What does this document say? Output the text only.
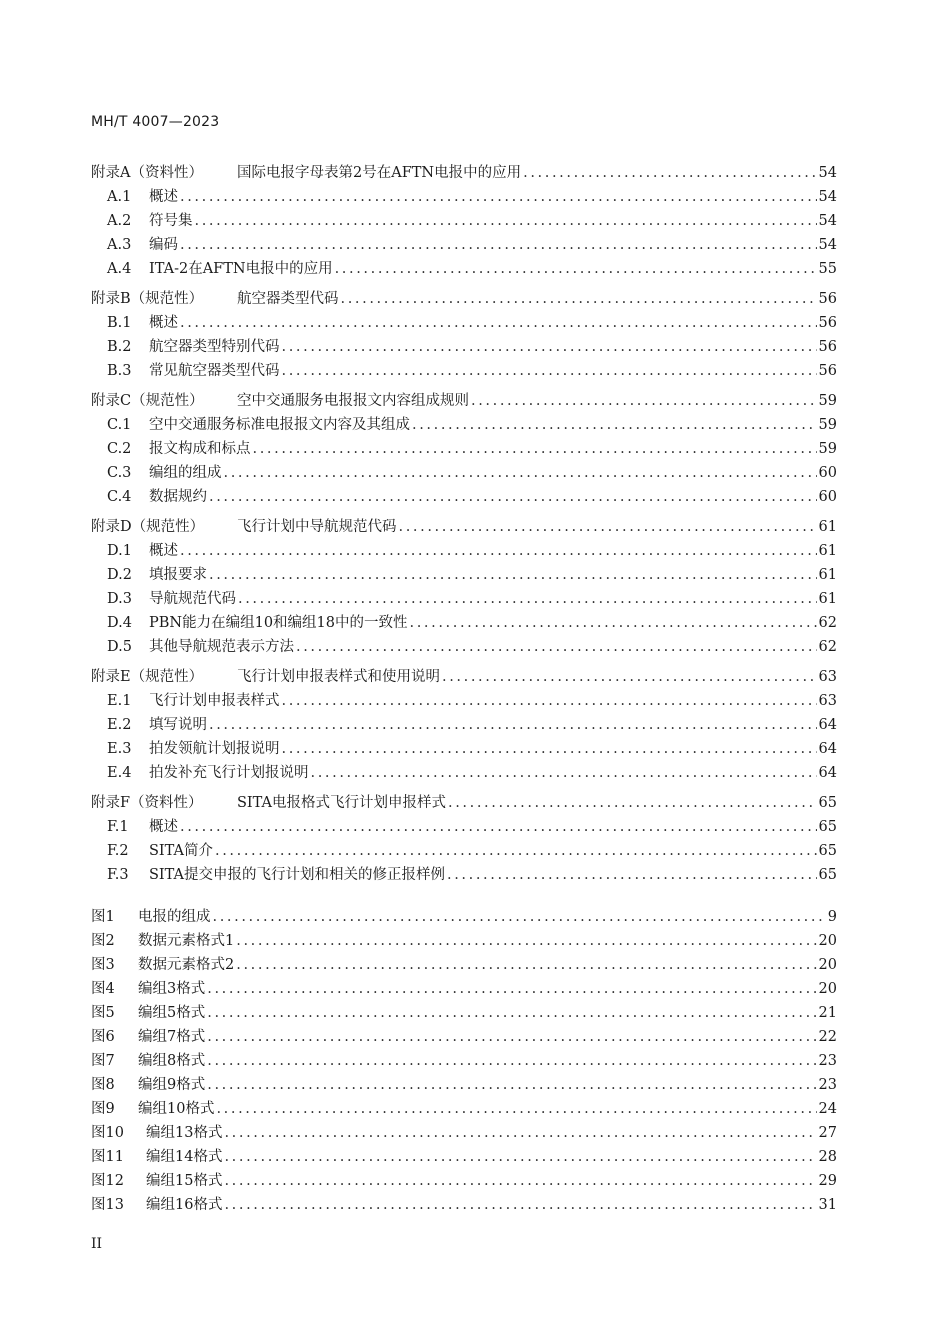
MH/T 4007—2023
附录A（资料性）	国际电报字母表第2号在AFTN电报中的应用 .....	54
A.1	概述 .....	54
A.2	符号集 .....	54
A.3	编码 .....	54
A.4	ITA-2在AFTN电报中的应用 .....	55
附录B（规范性）	航空器类型代码 .....	56
B.1	概述 .....	56
B.2	航空器类型特别代码 .....	56
B.3	常见航空器类型代码 .....	56
附录C（规范性）	空中交通服务电报报文内容组成规则 .....	59
C.1	空中交通服务标准电报报文内容及其组成 .....	59
C.2	报文构成和标点 .....	59
C.3	编组的组成 .....	60
C.4	数据规约 .....	60
附录D（规范性）	飞行计划中导航规范代码 .....	61
D.1	概述 .....	61
D.2	填报要求 .....	61
D.3	导航规范代码 .....	61
D.4	PBN能力在编组10和编组18中的一致性 .....	62
D.5	其他导航规范表示方法 .....	62
附录E（规范性）	飞行计划申报表样式和使用说明 .....	63
E.1	飞行计划申报表样式 .....	63
E.2	填写说明 .....	64
E.3	拍发领航计划报说明 .....	64
E.4	拍发补充飞行计划报说明 .....	64
附录F（资料性）	SITA电报格式飞行计划申报样式 .....	65
F.1	概述 .....	65
F.2	SITA简介 .....	65
F.3	SITA提交申报的飞行计划和相关的修正报样例 .....	65
图1	电报的组成 .....	9
图2	数据元素格式1 .....	20
图3	数据元素格式2 .....	20
图4	编组3格式 .....	20
图5	编组5格式 .....	21
图6	编组7格式 .....	22
图7	编组8格式 .....	23
图8	编组9格式 .....	23
图9	编组10格式 .....	24
图10	编组13格式 .....	27
图11	编组14格式 .....	28
图12	编组15格式 .....	29
图13	编组16格式 .....	31
II
